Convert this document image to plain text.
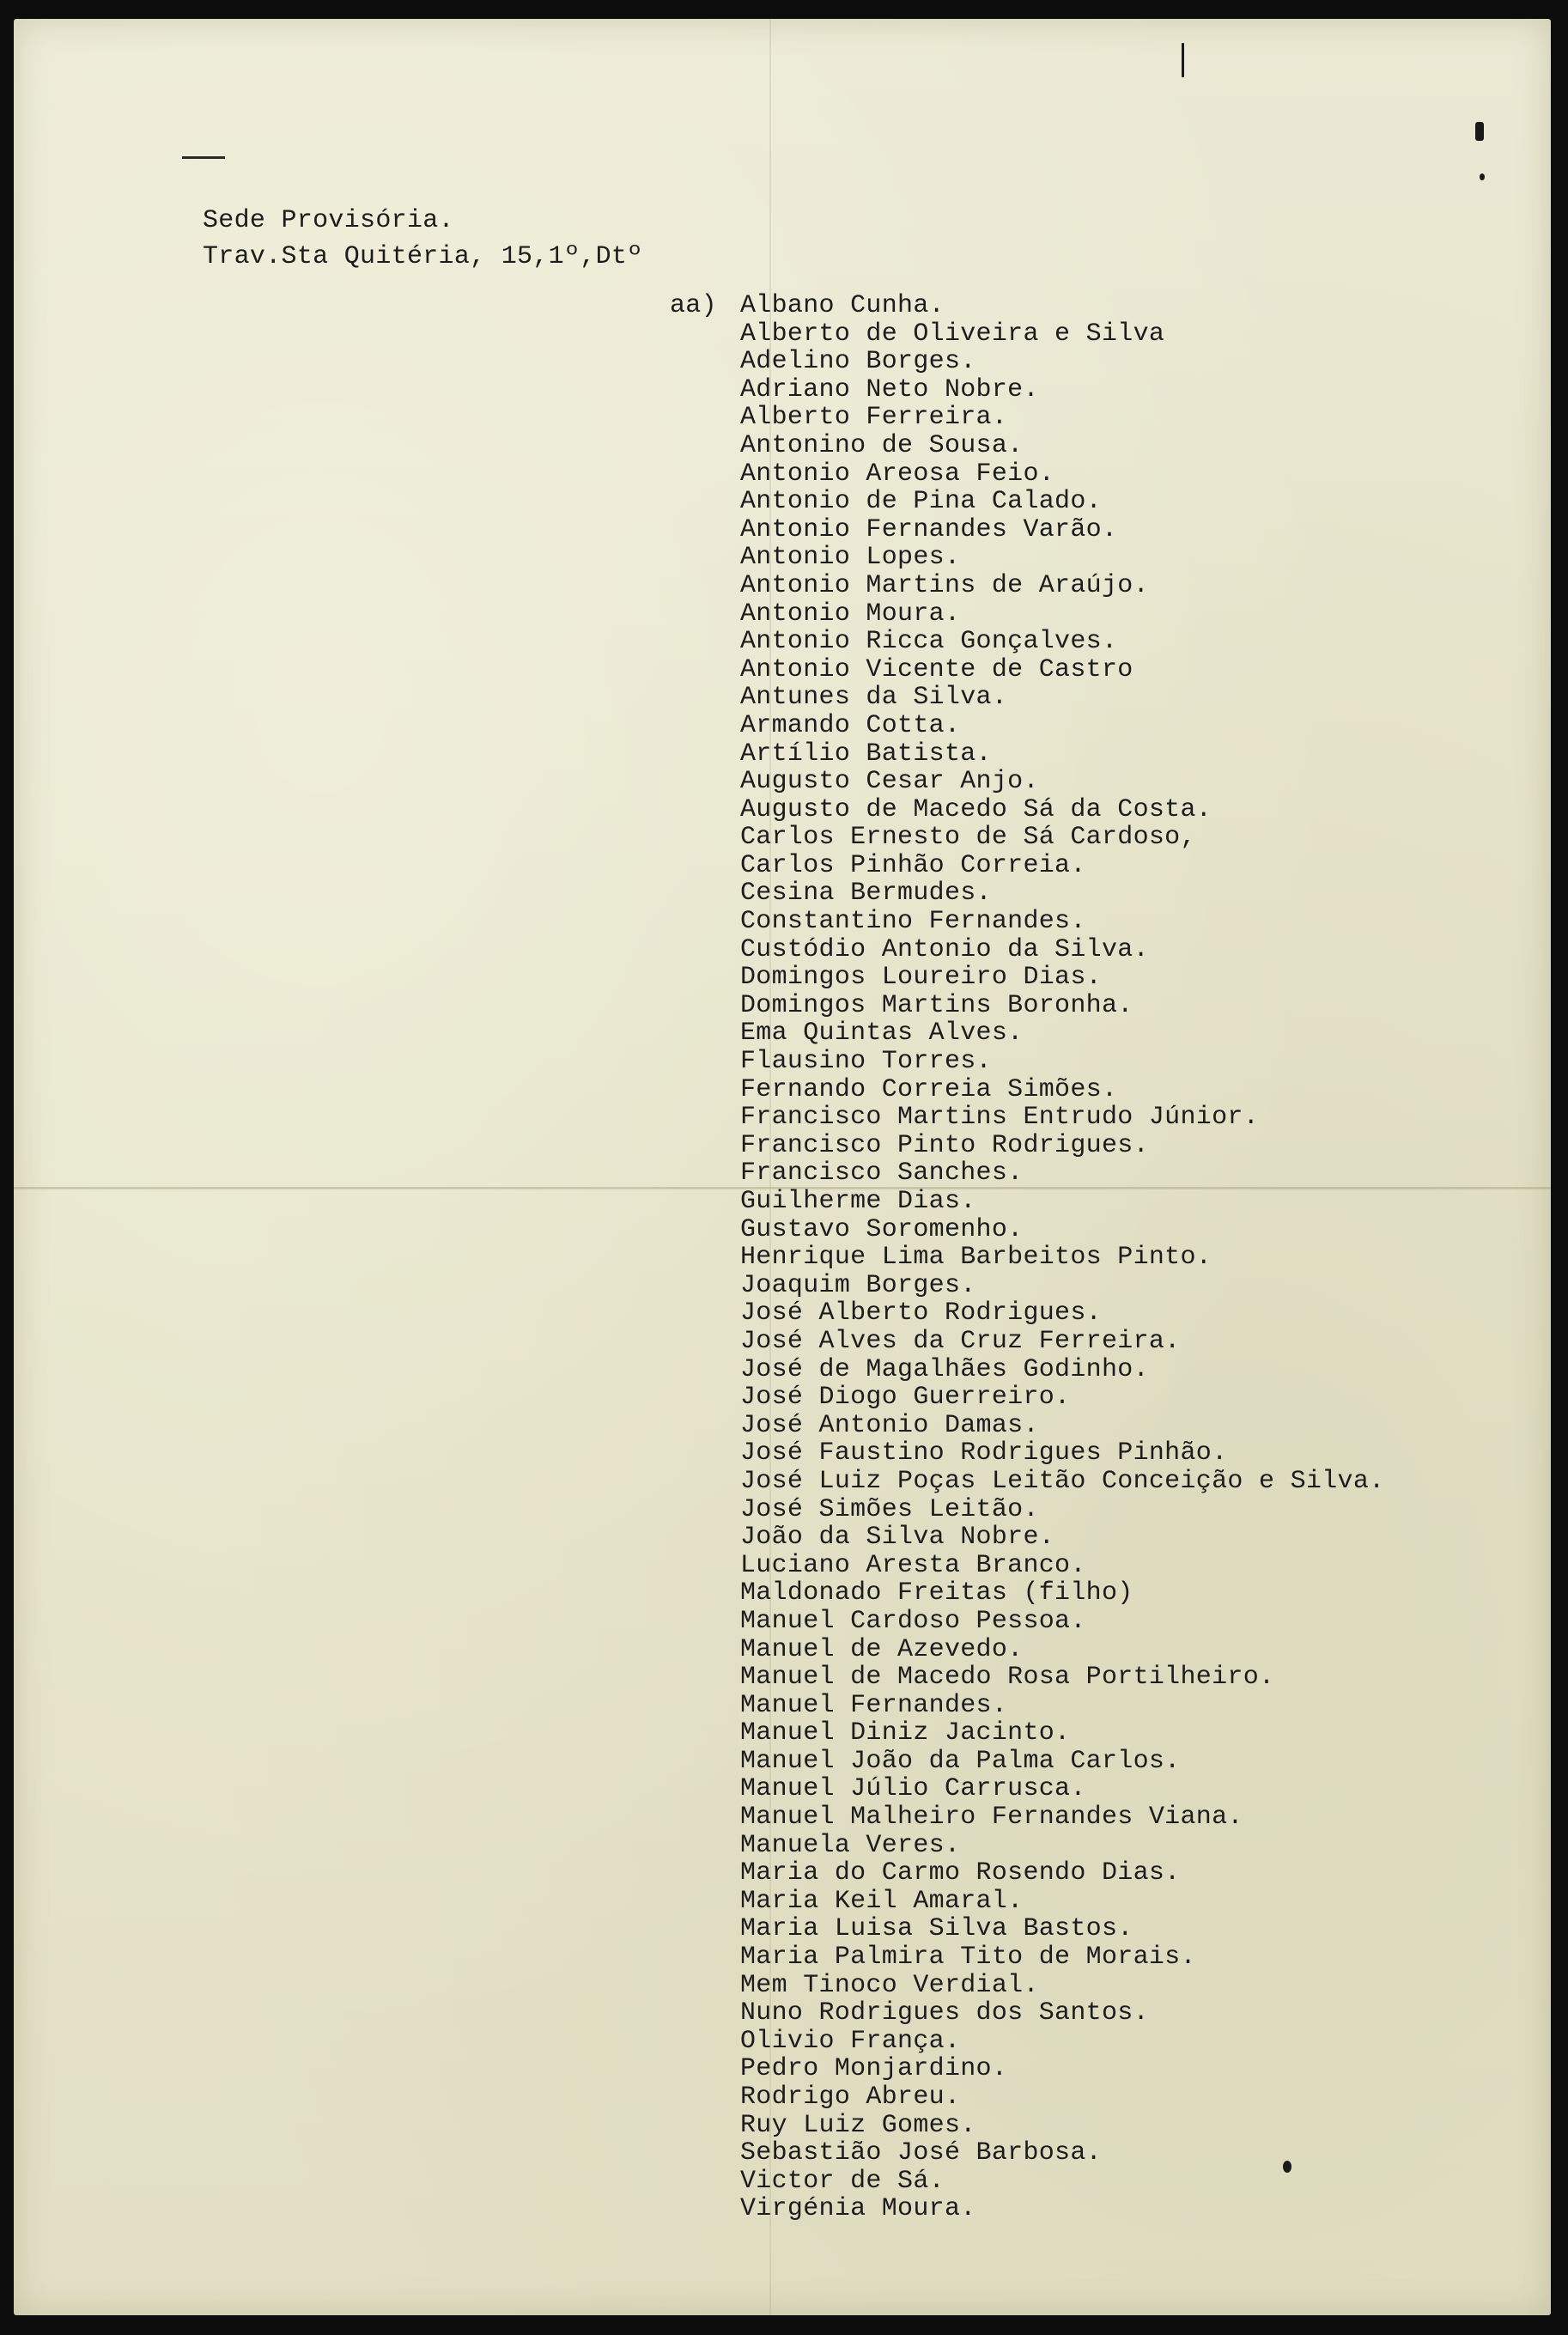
Sede Provisória.
Trav.Sta Quitéria, 15,1º,Dtº
aa) Albano Cunha.
Alberto de Oliveira e Silva
Adelino Borges.
Adriano Neto Nobre.
Alberto Ferreira.
Antonino de Sousa.
Antonio Areosa Feio.
Antonio de Pina Calado.
Antonio Fernandes Varão.
Antonio Lopes.
Antonio Martins de Araújo.
Antonio Moura.
Antonio Ricca Gonçalves.
Antonio Vicente de Castro
Antunes da Silva.
Armando Cotta.
Artílio Batista.
Augusto Cesar Anjo.
Augusto de Macedo Sá da Costa.
Carlos Ernesto de Sá Cardoso,
Carlos Pinhão Correia.
Cesina Bermudes.
Constantino Fernandes.
Custódio Antonio da Silva.
Domingos Loureiro Dias.
Domingos Martins Boronha.
Ema Quintas Alves.
Flausino Torres.
Fernando Correia Simões.
Francisco Martins Entrudo Júnior.
Francisco Pinto Rodrigues.
Francisco Sanches.
Guilherme Dias.
Gustavo Soromenho.
Henrique Lima Barbeitos Pinto.
Joaquim Borges.
José Alberto Rodrigues.
José Alves da Cruz Ferreira.
José de Magalhães Godinho.
José Diogo Guerreiro.
José Antonio Damas.
José Faustino Rodrigues Pinhão.
José Luiz Poças Leitão Conceição e Silva.
José Simões Leitão.
João da Silva Nobre.
Luciano Aresta Branco.
Maldonado Freitas (filho)
Manuel Cardoso Pessoa.
Manuel de Azevedo.
Manuel de Macedo Rosa Portilheiro.
Manuel Fernandes.
Manuel Diniz Jacinto.
Manuel João da Palma Carlos.
Manuel Júlio Carrusca.
Manuel Malheiro Fernandes Viana.
Manuela Veres.
Maria do Carmo Rosendo Dias.
Maria Keil Amaral.
Maria Luisa Silva Bastos.
Maria Palmira Tito de Morais.
Mem Tinoco Verdial.
Nuno Rodrigues dos Santos.
Olivio França.
Pedro Monjardino.
Rodrigo Abreu.
Ruy Luiz Gomes.
Sebastião José Barbosa.
Victor de Sá.
Virgénia Moura.
